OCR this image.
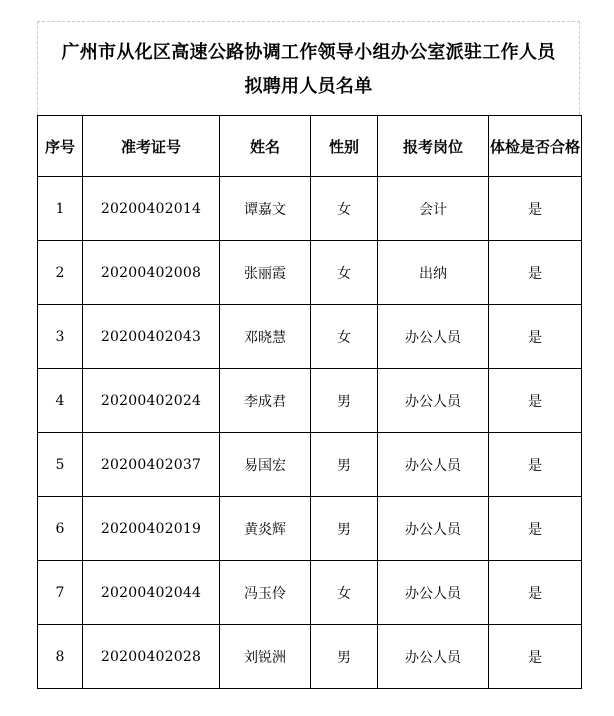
广州市从化区高速公路协调工作领导小组办公室派驻工作人员
拟聘用人员名单
序号	准考证号	姓名	性别	报考岗位	体检是否合格
1	20200402014	谭嘉文	女	会计	是
2	20200402008	张丽霞	女	出纳	是
3	20200402043	邓晓慧	女	办公人员	是
4	20200402024	李成君	男	办公人员	是
5	20200402037	易国宏	男	办公人员	是
6	20200402019	黄炎辉	男	办公人员	是
7	20200402044	冯玉伶	女	办公人员	是
8	20200402028	刘锐洲	男	办公人员	是
